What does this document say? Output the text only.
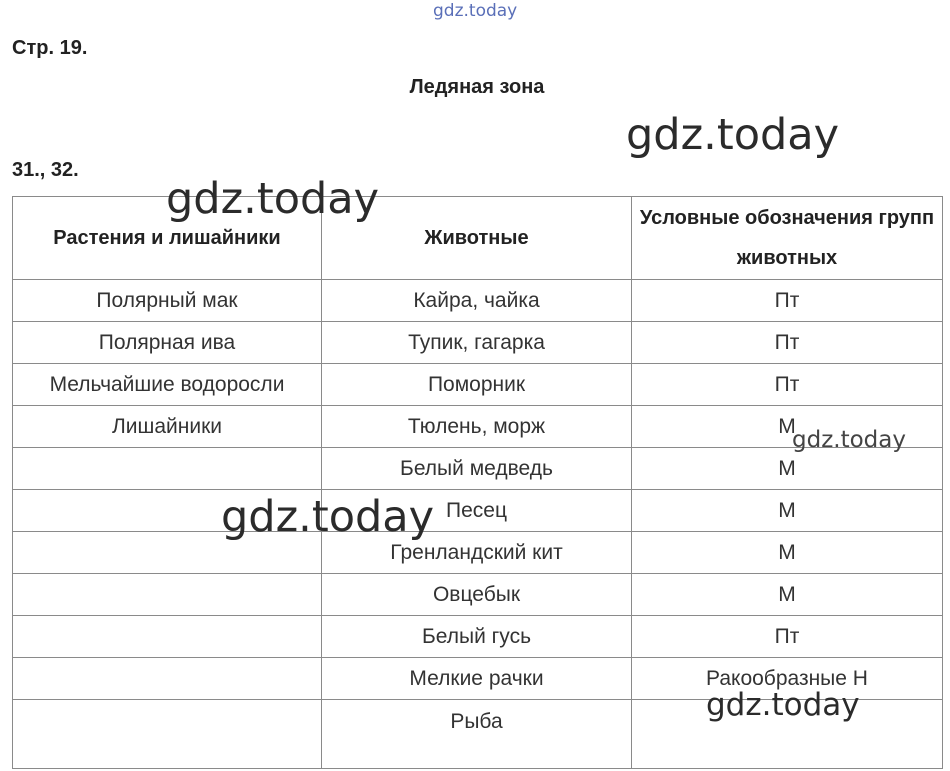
Стр. 19.
Ледяная зона
31., 32.
Растения и лишайники	Животные	Условные обозначения групп животных
Полярный мак	Кайра, чайка	Пт
Полярная ива	Тупик, гагарка	Пт
Мельчайшие водоросли	Поморник	Пт
Лишайники	Тюлень, морж	М
	Белый медведь	М
	Песец	М
	Гренландский кит	М
	Овцебык	М
	Белый гусь	Пт
	Мелкие рачки	Ракообразные Н
	Рыба	
gdz.today
gdz.today
gdz.today
gdz.today
gdz.today
gdz.today
